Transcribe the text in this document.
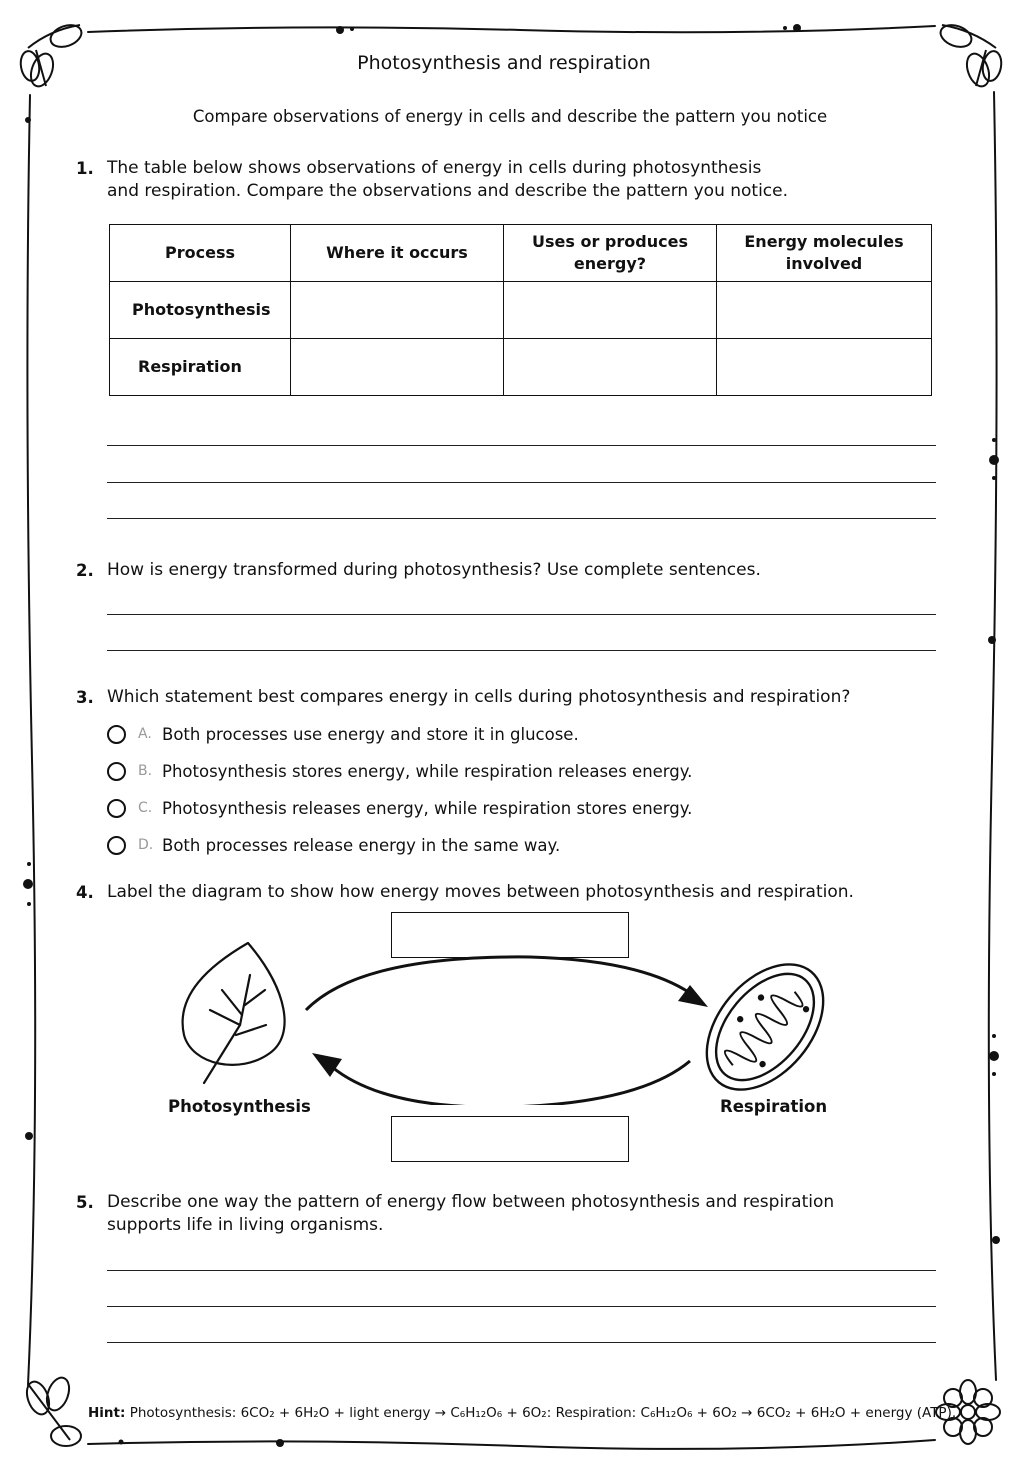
Photosynthesis and respiration
Compare observations of energy in cells and describe the pattern you notice
1. The table below shows observations of energy in cells during photosynthesis
and respiration. Compare the observations and describe the pattern you notice.
Process	Where it occurs	Uses or produces energy?	Energy molecules involved
Photosynthesis			
Respiration			
2. How is energy transformed during photosynthesis? Use complete sentences.
3. Which statement best compares energy in cells during photosynthesis and respiration?
A. Both processes use energy and store it in glucose.
B. Photosynthesis stores energy, while respiration releases energy.
C. Photosynthesis releases energy, while respiration stores energy.
D. Both processes release energy in the same way.
4. Label the diagram to show how energy moves between photosynthesis and respiration.
Photosynthesis	Respiration
5. Describe one way the pattern of energy flow between photosynthesis and respiration
supports life in living organisms.
Hint: Photosynthesis: 6CO₂ + 6H₂O + light energy → C₆H₁₂O₆ + 6O₂: Respiration: C₆H₁₂O₆ + 6O₂ → 6CO₂ + 6H₂O + energy (ATP).
